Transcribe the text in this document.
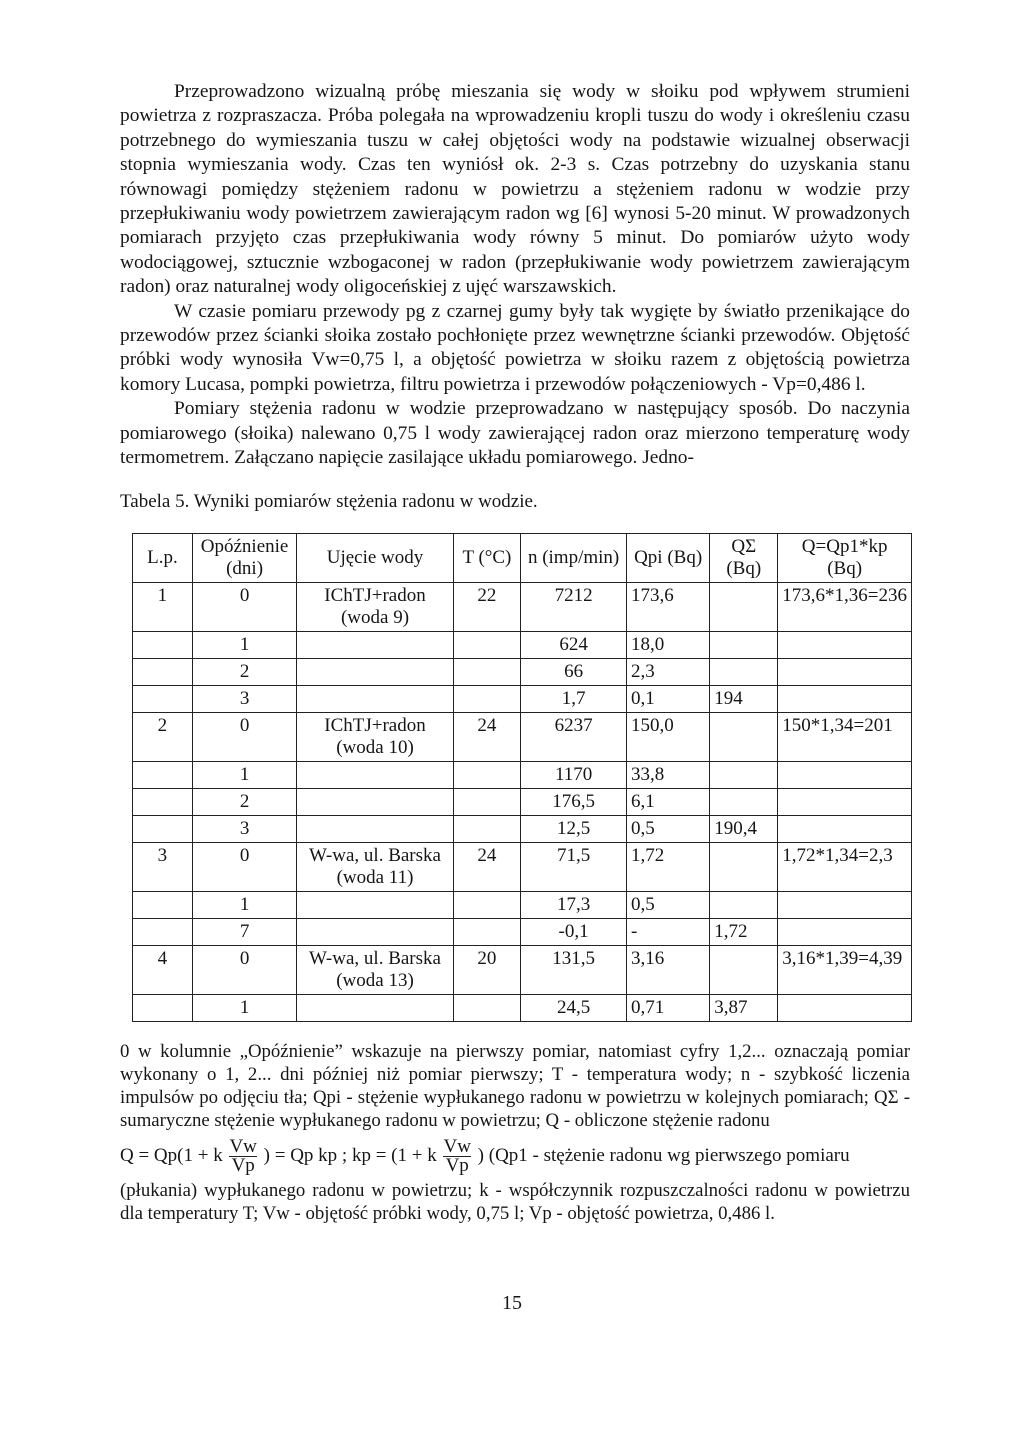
Przeprowadzono wizualną próbę mieszania się wody w słoiku pod wpływem strumieni powietrza z rozpraszacza. Próba polegała na wprowadzeniu kropli tuszu do wody i określeniu czasu potrzebnego do wymieszania tuszu w całej objętości wody na podstawie wizualnej obserwacji stopnia wymieszania wody. Czas ten wyniósł ok. 2-3 s. Czas potrzebny do uzyskania stanu równowagi pomiędzy stężeniem radonu w powietrzu a stężeniem radonu w wodzie przy przepłukiwaniu wody powietrzem zawierającym radon wg [6] wynosi 5-20 minut. W prowadzonych pomiarach przyjęto czas przepłukiwania wody równy 5 minut. Do pomiarów użyto wody wodociągowej, sztucznie wzbogaconej w radon (przepłukiwanie wody powietrzem zawierającym radon) oraz naturalnej wody oligoceńskiej z ujęć warszawskich.

W czasie pomiaru przewody pg z czarnej gumy były tak wygięte by światło przenikające do przewodów przez ścianki słoika zostało pochłonięte przez wewnętrzne ścianki przewodów. Objętość próbki wody wynosiła Vw=0,75 l, a objętość powietrza w słoiku razem z objętością powietrza komory Lucasa, pompki powietrza, filtru powietrza i przewodów połączeniowych - Vp=0,486 l.

Pomiary stężenia radonu w wodzie przeprowadzano w następujący sposób. Do naczynia pomiarowego (słoika) nalewano 0,75 l wody zawierającej radon oraz mierzono temperaturę wody termometrem. Załączano napięcie zasilające układu pomiarowego. Jedno-

Tabela 5. Wyniki pomiarów stężenia radonu w wodzie.

L.p.	Opóźnienie (dni)	Ujęcie wody	T (°C)	n (imp/min)	Qpi (Bq)	QΣ (Bq)	Q=Qp1*kp (Bq)
1	0	IChTJ+radon (woda 9)	22	7212	173,6		173,6*1,36=236
	1			624	18,0		
	2			66	2,3		
	3			1,7	0,1	194	
2	0	IChTJ+radon (woda 10)	24	6237	150,0		150*1,34=201
	1			1170	33,8		
	2			176,5	6,1		
	3			12,5	0,5	190,4	
3	0	W-wa, ul. Barska (woda 11)	24	71,5	1,72		1,72*1,34=2,3
	1			17,3	0,5		
	7			-0,1	-	1,72	
4	0	W-wa, ul. Barska (woda 13)	20	131,5	3,16		3,16*1,39=4,39
	1			24,5	0,71	3,87	
0 w kolumnie „Opóźnienie” wskazuje na pierwszy pomiar, natomiast cyfry 1,2... oznaczają pomiar wykonany o 1, 2... dni później niż pomiar pierwszy; T - temperatura wody; n - szybkość liczenia impulsów po odjęciu tła; Qpi - stężenie wypłukanego radonu w powietrzu w kolejnych pomiarach; QΣ - sumaryczne stężenie wypłukanego radonu w powietrzu; Q - obliczone stężenie radonu
Q = Qp(1 + k $\frac{Vw}{Vp}$ ) = Qp kp ; kp = (1 + k $\frac{Vw}{Vp}$ ) (Qp1 - stężenie radonu wg pierwszego pomiaru
(płukania) wypłukanego radonu w powietrzu; k - współczynnik rozpuszczalności radonu w powietrzu dla temperatury T; Vw - objętość próbki wody, 0,75 l; Vp - objętość powietrza, 0,486 l.
15
